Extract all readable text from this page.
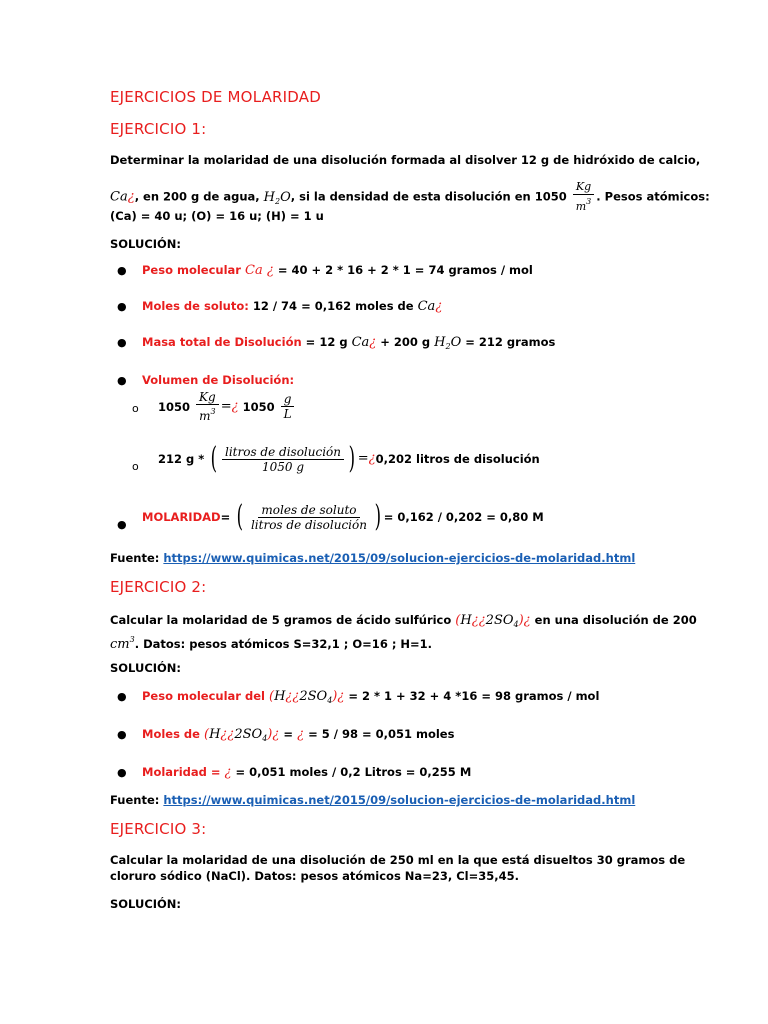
EJERCICIOS DE MOLARIDAD
EJERCICIO 1:
Determinar la molaridad de una disolución formada al disolver 12 g de hidróxido de calcio,
Ca¿, en 200 g de agua, $H_2O$, si la densidad de esta disolución en $1050 \frac{Kg}{m^3}$ . Pesos atómicos:
(Ca) = 40 u; (O) = 16 u; (H) = 1 u
SOLUCIÓN:
● Peso molecular Ca ¿ = 40 + 2 * 16 + 2 * 1 = 74 gramos / mol
● Moles de soluto: 12 / 74 = 0,162 moles de Ca¿
● Masa total de Disolución = 12 g Ca¿ + 200 g $H_2O = 212$ gramos
● Volumen de Disolución:
o $1050 \frac{Kg}{m^3}$ =¿ $1050 \frac{g}{L}$
o
212 g * ( $\frac{\text{litros de disolución}}{1050 g}$ ) =¿0,202 litros de disolución
●
MOLARIDAD= ( $\frac{\text{moles de soluto}}{\text{litros de disolución}}$ )= 0,162 / 0,202 = 0,80 M
Fuente: https://www.quimicas.net/2015/09/solucion-ejercicios-de-molaridad.html
EJERCICIO 2:
Calcular la molaridad de 5 gramos de ácido sulfúrico $(H¿¿2SO_4)¿$ en una disolución de 200
$cm^3$. Datos: pesos atómicos S=32,1 ; O=16 ; H=1.
SOLUCIÓN:
● Peso molecular del $(H¿¿2SO_4)¿ = 2 * 1 + 32 + 4$ *16 = 98 gramos / mol
● Moles de $(H¿¿2SO_4)¿$ = ¿ = 5 / 98 = 0,051 moles
● Molaridad = ¿ = 0,051 moles / 0,2 Litros = 0,255 M
Fuente: https://www.quimicas.net/2015/09/solucion-ejercicios-de-molaridad.html
EJERCICIO 3:
Calcular la molaridad de una disolución de 250 ml en la que está disueltos 30 gramos de
cloruro sódico (NaCl). Datos: pesos atómicos Na=23, Cl=35,45.
SOLUCIÓN:
